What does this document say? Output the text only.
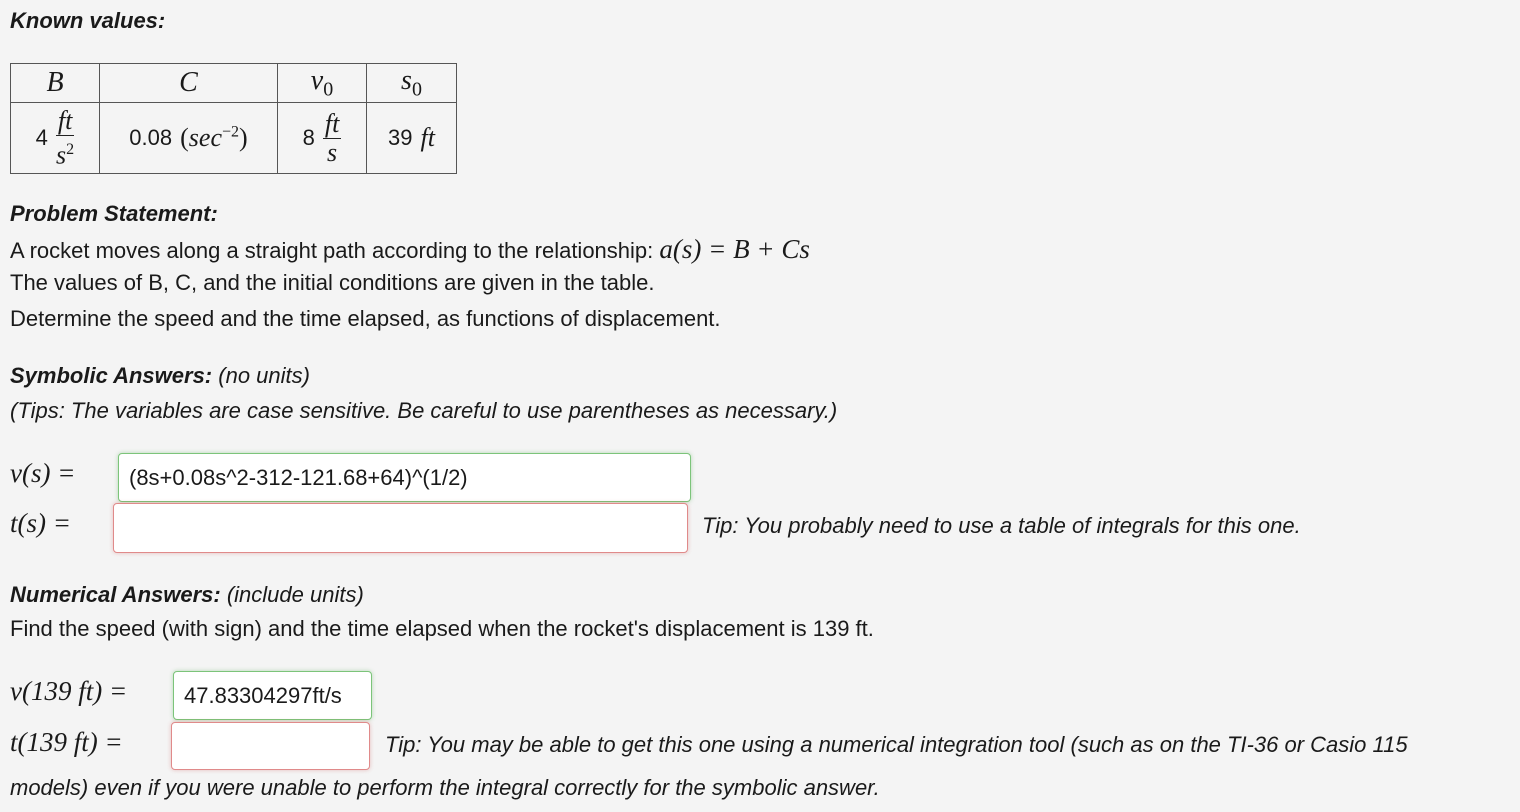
Known values:
B	C	$v_0$	$s_0$

$4 \frac{ft}{s^2}$	0.08 $(\sec^{-2})$	$8 \frac{ft}{s}$	39 ft
Problem Statement:
A rocket moves along a straight path according to the relationship: a(s) = B + Cs
The values of B, C, and the initial conditions are given in the table.
Determine the speed and the time elapsed, as functions of displacement.
Symbolic Answers: (no units)
(Tips: The variables are case sensitive. Be careful to use parentheses as necessary.)
v(s) =
(8s+0.08s^2-312-121.68+64)^(1/2)
t(s) =	Tip: You probably need to use a table of integrals for this one.
Numerical Answers: (include units)
Find the speed (with sign) and the time elapsed when the rocket's displacement is 139 ft.
v(139 ft) =
47.83304297ft/s
t(139 ft) =	Tip: You may be able to get this one using a numerical integration tool (such as on the TI-36 or Casio 115
models) even if you were unable to perform the integral correctly for the symbolic answer.
